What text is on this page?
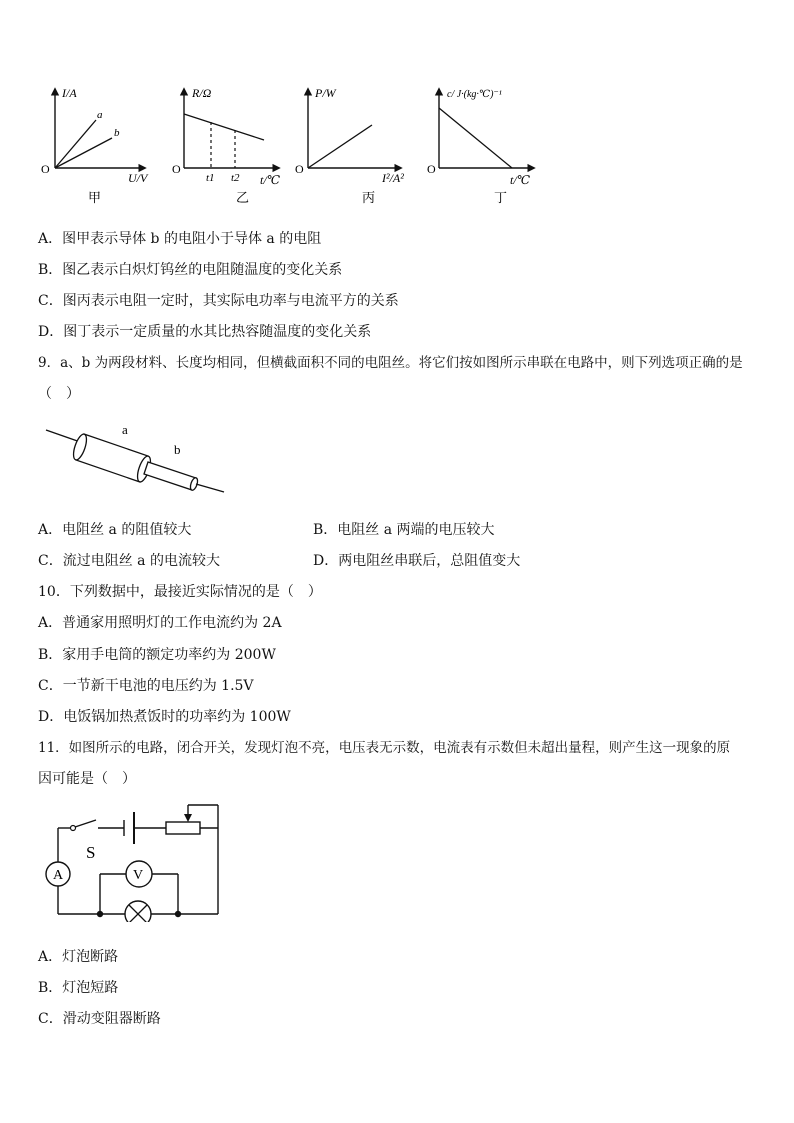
I/A
U/V
O
a
b
R/Ω
t/℃
O
t1 t2
P/W
I²/A²
O
c/ J·(kg·℃)⁻¹
t/℃
O
甲	乙	丙	丁
A．图甲表示导体 b 的电阻小于导体 a 的电阻
B．图乙表示白炽灯钨丝的电阻随温度的变化关系
C．图丙表示电阻一定时，其实际电功率与电流平方的关系
D．图丁表示一定质量的水其比热容随温度的变化关系
9．a、b 为两段材料、长度均相同，但横截面积不同的电阻丝。将它们按如图所示串联在电路中，则下列选项正确的是
（　）
a
b
A．电阻丝 a 的阻值较大	B．电阻丝 a 两端的电压较大
C．流过电阻丝 a 的电流较大	D．两电阻丝串联后，总阻值变大
10．下列数据中，最接近实际情况的是（　）
A．普通家用照明灯的工作电流约为 2A
B．家用手电筒的额定功率约为 200W
C．一节新干电池的电压约为 1.5V
D．电饭锅加热煮饭时的功率约为 100W
11．如图所示的电路，闭合开关，发现灯泡不亮，电压表无示数，电流表有示数但未超出量程，则产生这一现象的原
因可能是（　）
A	V
S
A．灯泡断路
B．灯泡短路
C．滑动变阻器断路
